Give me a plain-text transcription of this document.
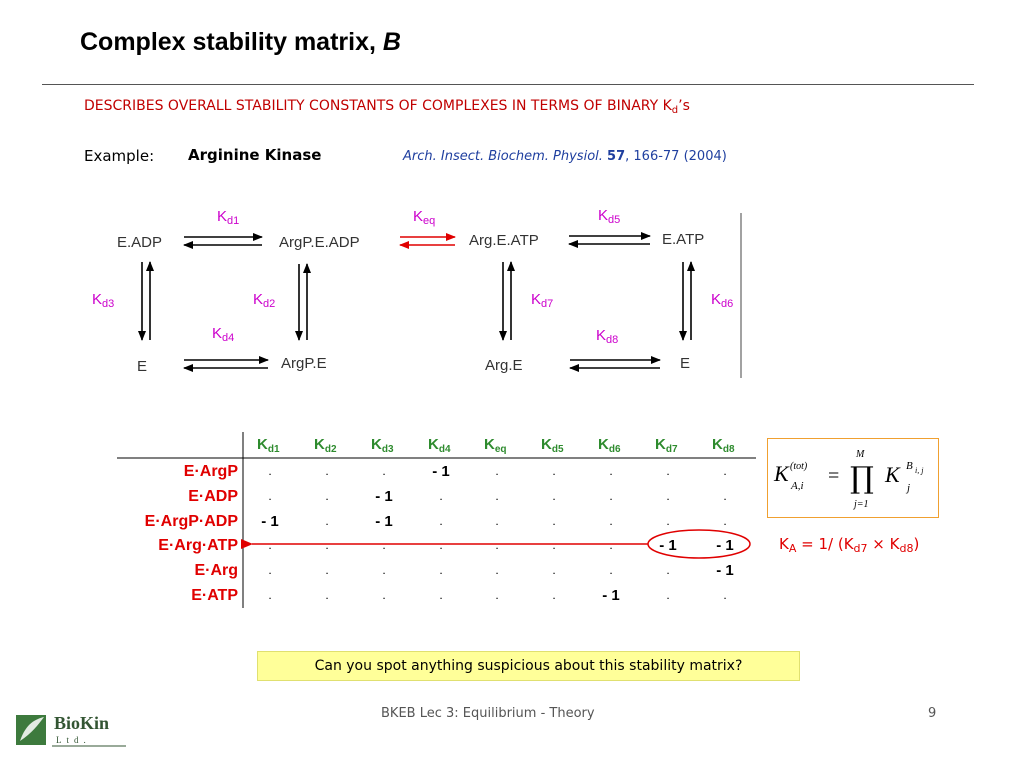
Complex stability matrix, B
DESCRIBES OVERALL STABILITY CONSTANTS OF COMPLEXES IN TERMS OF BINARY $K_d’s$
Example: Arginine Kinase	Arch. Insect. Biochem. Physiol. 57, 166-77 (2004)
E.ADP	ArgP.E.ADP	Arg.E.ATP	E.ATP
E	ArgP.E	Arg.E	E
Kd1	Keq	Kd5
Kd3	Kd2	Kd7	Kd6
Kd4	Kd8
Kd1 Kd2 Kd3 Kd4 Keq Kd5 Kd6 Kd7 Kd8
E·ArgP	.	.	.	- 1	.	.	.	.	.
E·ADP	.	.	- 1	.	.	.	.	.	.
E·ArgP·ADP - 1	.	- 1	.	.	.	.	.	.
E·Arg·ATP	.	.	.	.	.	.	.	- 1	- 1
E·Arg	.	.	.	.	.	.	.	.	- 1
E·ATP	.	.	.	.	.	.	- 1	.	.
K (tot)
A,i =
M
∏
j=1
K
j
B i, j
$K_A = 1/$ $(K_{d7} \times K_{d8})$
Can you spot anything suspicious about this stability matrix?
BKEB Lec 3: Equilibrium - Theory	9
BioKin
Ltd.
